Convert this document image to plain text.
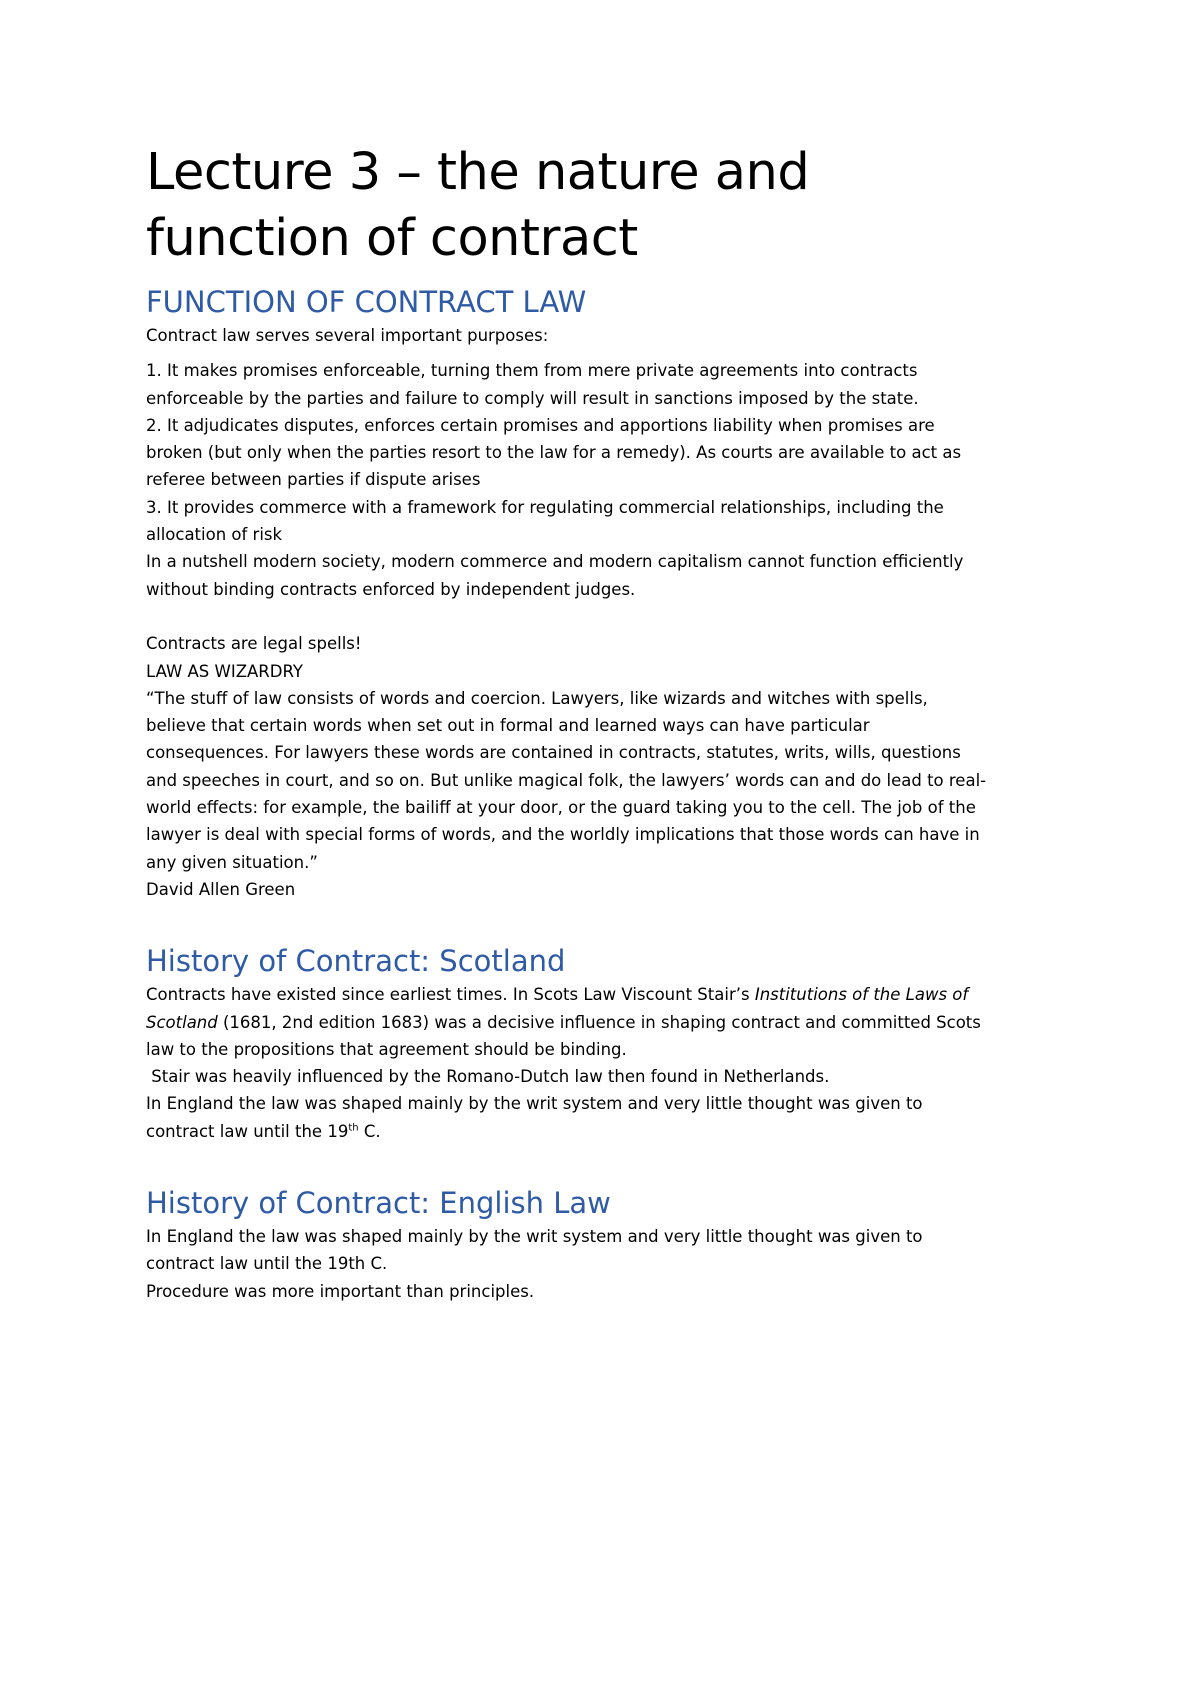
Lecture 3 – the nature and
function of contract
FUNCTION OF CONTRACT LAW
Contract law serves several important purposes:
1. It makes promises enforceable, turning them from mere private agreements into contracts
enforceable by the parties and failure to comply will result in sanctions imposed by the state.
2. It adjudicates disputes, enforces certain promises and apportions liability when promises are
broken (but only when the parties resort to the law for a remedy). As courts are available to act as
referee between parties if dispute arises
3. It provides commerce with a framework for regulating commercial relationships, including the
allocation of risk
In a nutshell modern society, modern commerce and modern capitalism cannot function efficiently
without binding contracts enforced by independent judges.
Contracts are legal spells!
LAW AS WIZARDRY
“The stuff of law consists of words and coercion. Lawyers, like wizards and witches with spells,
believe that certain words when set out in formal and learned ways can have particular
consequences. For lawyers these words are contained in contracts, statutes, writs, wills, questions
and speeches in court, and so on. But unlike magical folk, the lawyers’ words can and do lead to real-
world effects: for example, the bailiff at your door, or the guard taking you to the cell. The job of the
lawyer is deal with special forms of words, and the worldly implications that those words can have in
any given situation.”
David Allen Green
History of Contract: Scotland
Contracts have existed since earliest times. In Scots Law Viscount Stair’s Institutions of the Laws of
Scotland (1681, 2nd edition 1683) was a decisive influence in shaping contract and committed Scots
law to the propositions that agreement should be binding.
Stair was heavily influenced by the Romano-Dutch law then found in Netherlands.
In England the law was shaped mainly by the writ system and very little thought was given to
contract law until the 19th C.
History of Contract: English Law
In England the law was shaped mainly by the writ system and very little thought was given to
contract law until the 19th C.
Procedure was more important than principles.
